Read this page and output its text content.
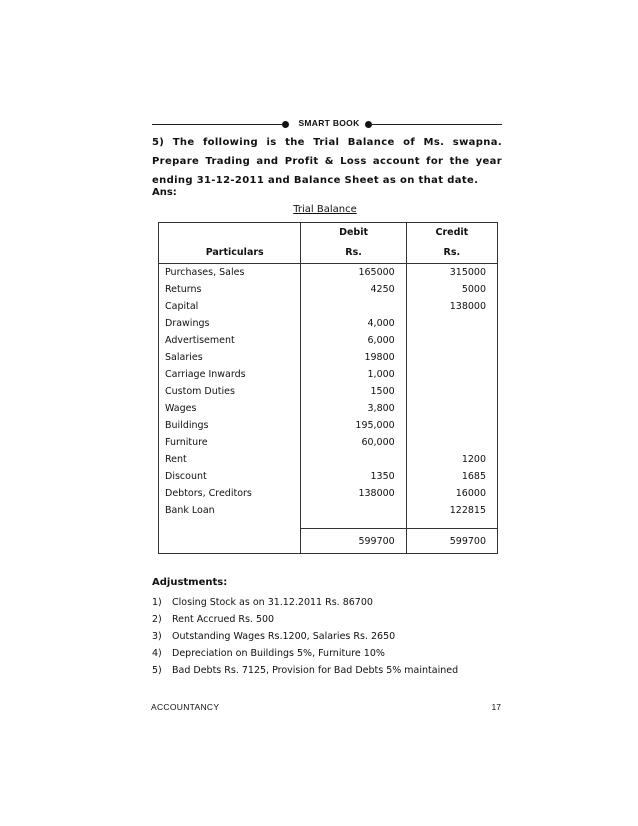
SMART BOOK
5) The following is the Trial Balance of Ms. swapna. Prepare Trading and Profit & Loss account for the year ending 31-12-2011 and Balance Sheet as on that date.
Ans:
Trial Balance
	Debit	Credit
Particulars	Rs.	Rs.
Purchases, Sales	165000	315000
Returns	4250	5000
Capital		138000
Drawings	4,000	
Advertisement	6,000	
Salaries	19800	
Carriage Inwards	1,000	
Custom Duties	1500	
Wages	3,800	
Buildings	195,000	
Furniture	60,000	
Rent		1200
Discount	1350	1685
Debtors, Creditors	138000	16000
Bank Loan		122815

	599700	599700
Adjustments:
1)	Closing Stock as on 31.12.2011 Rs. 86700
2)	Rent Accrued Rs. 500
3)	Outstanding Wages Rs.1200, Salaries Rs. 2650
4)	Depreciation on Buildings 5%, Furniture 10%
5)	Bad Debts Rs. 7125, Provision for Bad Debts 5% maintained
ACCOUNTANCY	17
